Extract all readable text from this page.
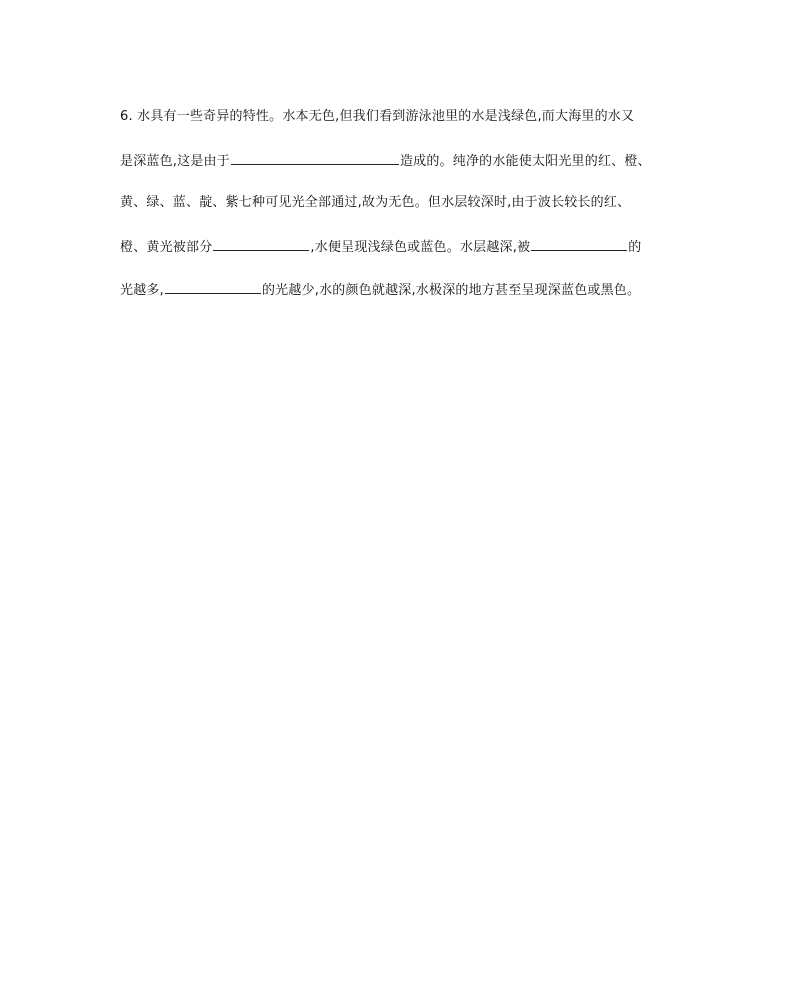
6. 水具有一些奇异的特性。水本无色,但我们看到游泳池里的水是浅绿色,而大海里的水又
是深蓝色,这是由于	造成的。纯净的水能使太阳光里的红、橙、
黄、绿、蓝、靛、紫七种可见光全部通过,故为无色。但水层较深时,由于波长较长的红、
橙、黄光被部分	,水便呈现浅绿色或蓝色。水层越深,被	的
光越多,	的光越少,水的颜色就越深,水极深的地方甚至呈现深蓝色或黑色。
